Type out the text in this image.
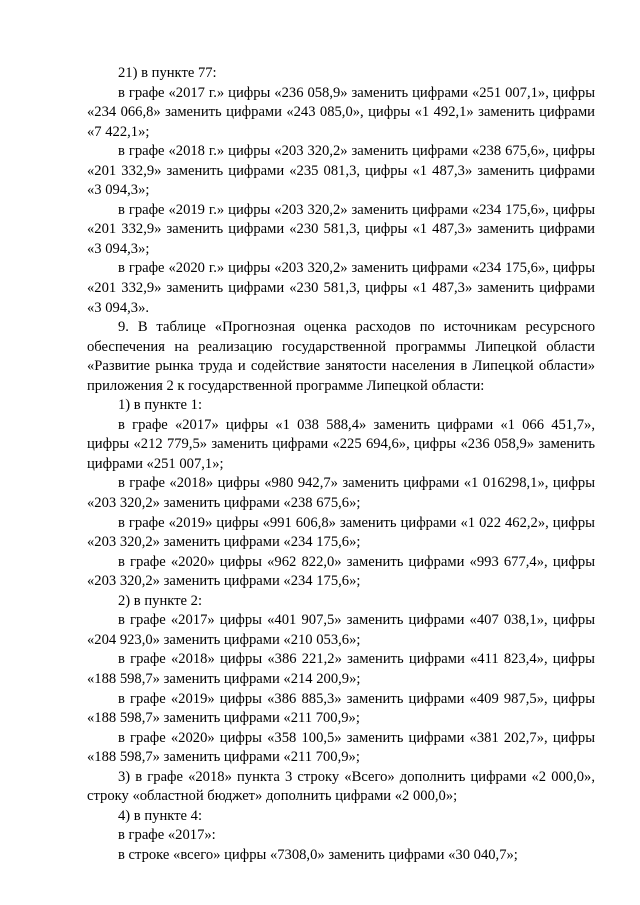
21) в пункте 77:

в графе «2017 г.» цифры «236 058,9» заменить цифрами «251 007,1», цифры «234 066,8» заменить цифрами «243 085,0», цифры «1 492,1» заменить цифрами «7 422,1»;

в графе «2018 г.» цифры «203 320,2» заменить цифрами «238 675,6», цифры «201 332,9» заменить цифрами «235 081,3, цифры «1 487,3» заменить цифрами «3 094,3»;

в графе «2019 г.» цифры «203 320,2» заменить цифрами «234 175,6», цифры «201 332,9» заменить цифрами «230 581,3, цифры «1 487,3» заменить цифрами «3 094,3»;

в графе «2020 г.» цифры «203 320,2» заменить цифрами «234 175,6», цифры «201 332,9» заменить цифрами «230 581,3, цифры «1 487,3» заменить цифрами «3 094,3».

9. В таблице «Прогнозная оценка расходов по источникам ресурсного обеспечения на реализацию государственной программы Липецкой области «Развитие рынка труда и содействие занятости населения в Липецкой области» приложения 2 к государственной программе Липецкой области:

1) в пункте 1:

в графе «2017» цифры «1 038 588,4» заменить цифрами «1 066 451,7», цифры «212 779,5» заменить цифрами «225 694,6», цифры «236 058,9» заменить цифрами «251 007,1»;

в графе «2018» цифры «980 942,7» заменить цифрами «1 016298,1», цифры «203 320,2» заменить цифрами «238 675,6»;

в графе «2019» цифры «991 606,8» заменить цифрами «1 022 462,2», цифры «203 320,2» заменить цифрами «234 175,6»;

в графе «2020» цифры «962 822,0» заменить цифрами «993 677,4», цифры «203 320,2» заменить цифрами «234 175,6»;

2) в пункте 2:

в графе «2017» цифры «401 907,5» заменить цифрами «407 038,1», цифры «204 923,0» заменить цифрами «210 053,6»;

в графе «2018» цифры «386 221,2» заменить цифрами «411 823,4», цифры «188 598,7» заменить цифрами «214 200,9»;

в графе «2019» цифры «386 885,3» заменить цифрами «409 987,5», цифры «188 598,7» заменить цифрами «211 700,9»;

в графе «2020» цифры «358 100,5» заменить цифрами «381 202,7», цифры «188 598,7» заменить цифрами «211 700,9»;

3) в графе «2018» пункта 3 строку «Всего» дополнить цифрами «2 000,0», строку «областной бюджет» дополнить цифрами «2 000,0»;

4) в пункте 4:

в графе «2017»:

в строке «всего» цифры «7308,0» заменить цифрами «30 040,7»;
